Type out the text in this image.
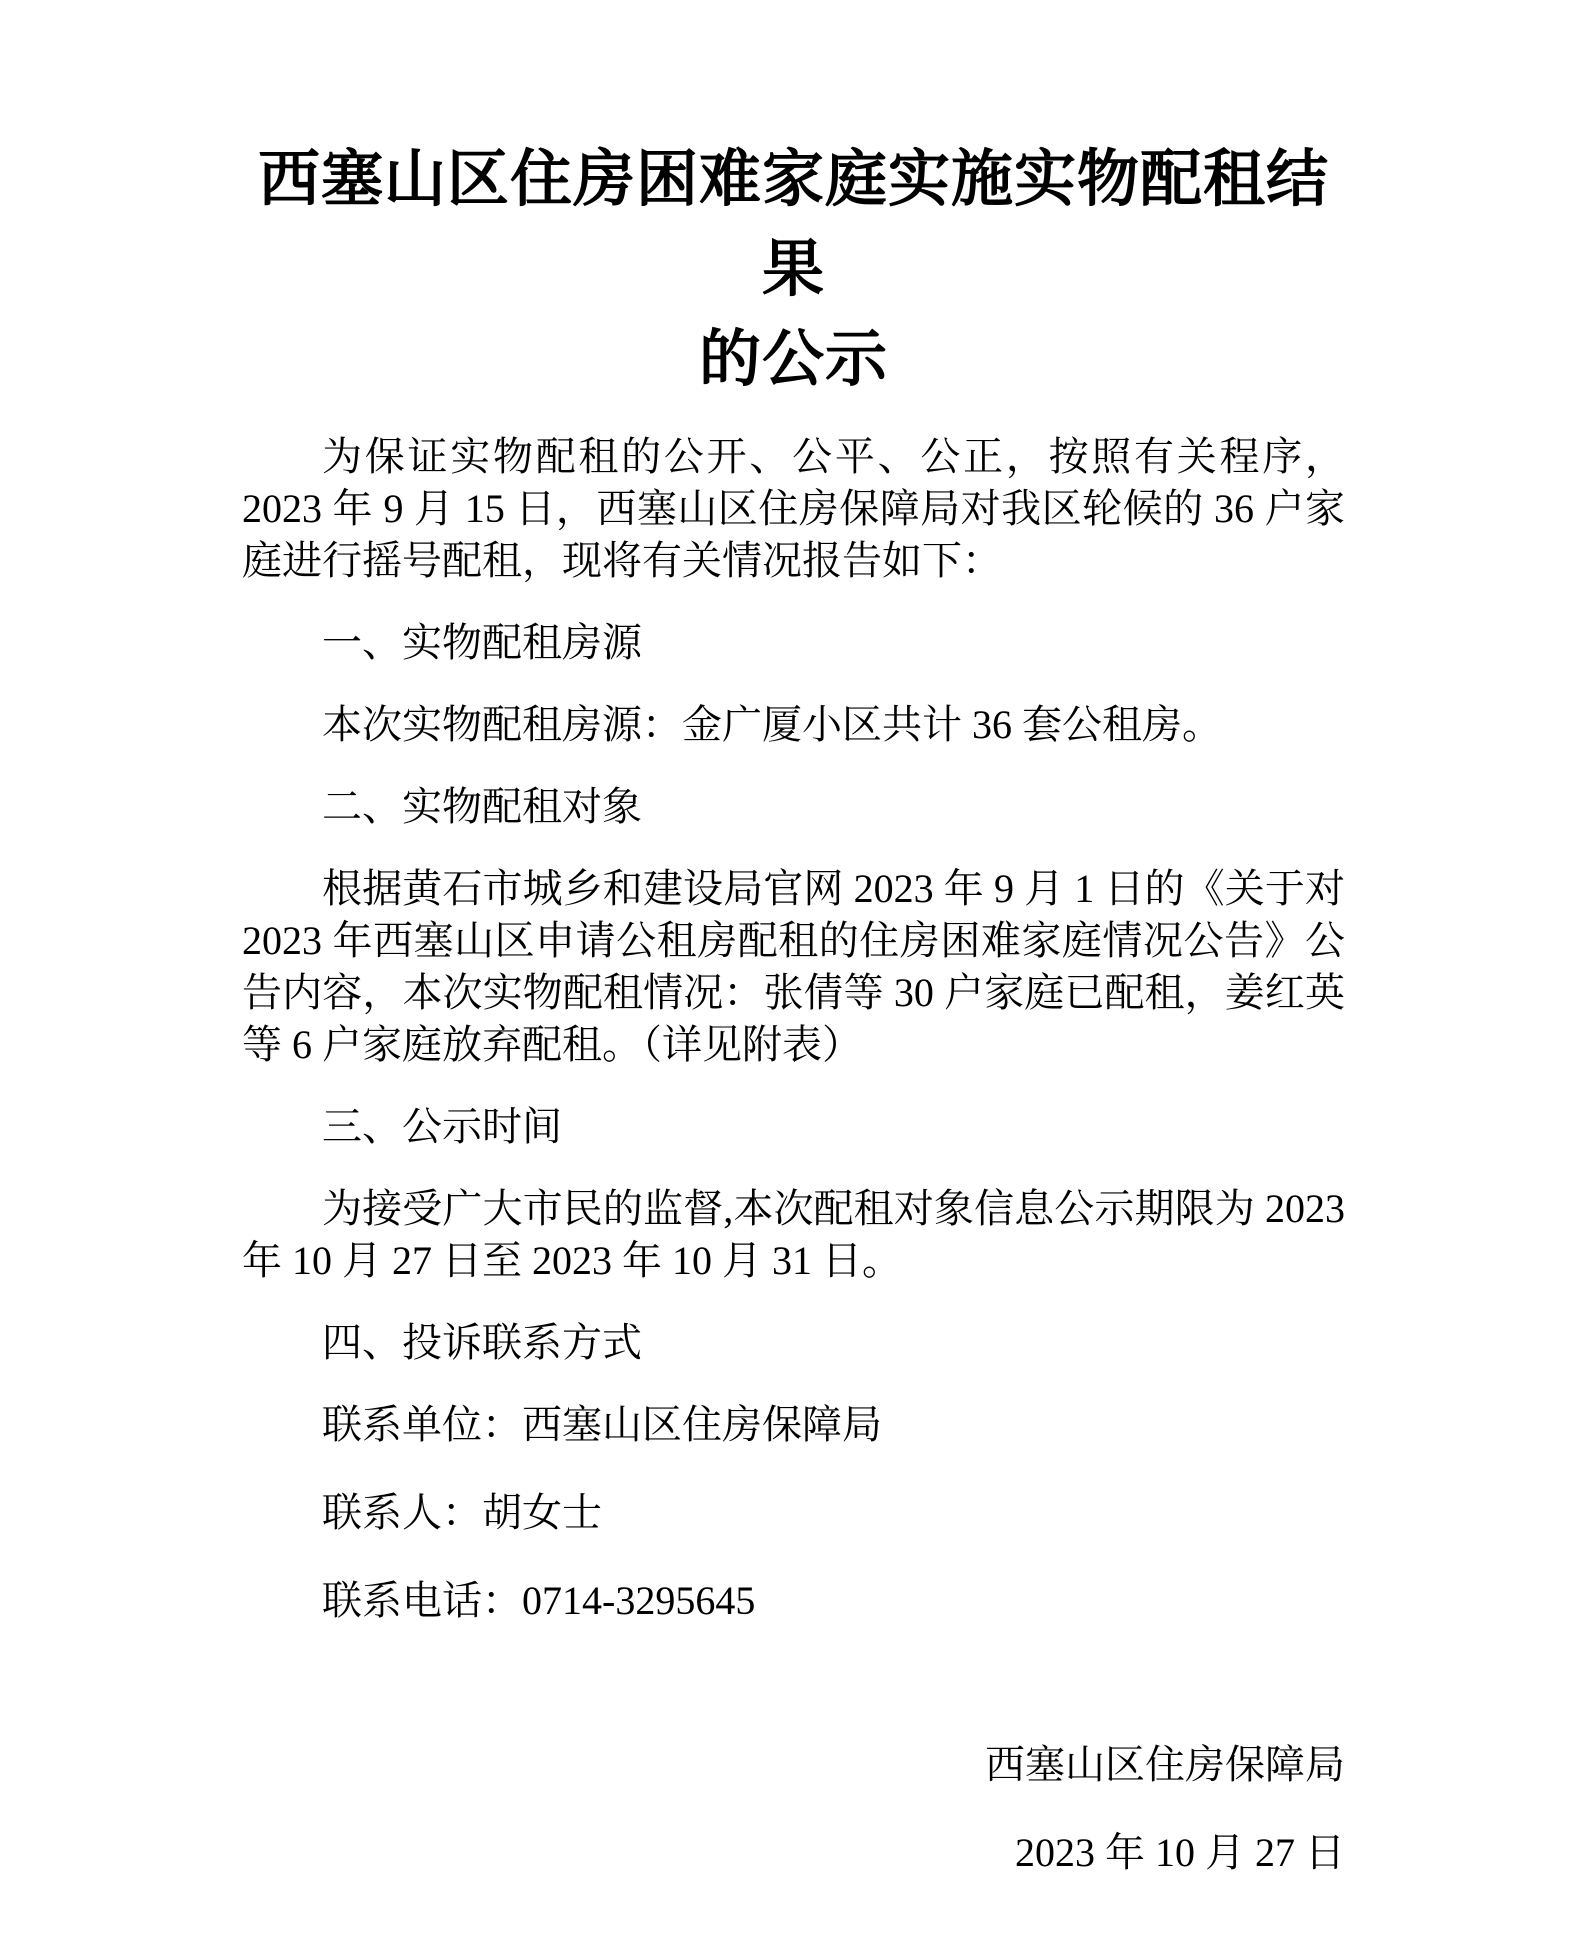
西塞山区住房困难家庭实施实物配租结果
的公示

为保证实物配租的公开、公平、公正，按照有关程序，2023 年 9 月 15 日，西塞山区住房保障局对我区轮候的 36 户家庭进行摇号配租，现将有关情况报告如下：

一、实物配租房源

本次实物配租房源：金广厦小区共计 36 套公租房。

二、实物配租对象

根据黄石市城乡和建设局官网 2023 年 9 月 1 日的《关于对 2023 年西塞山区申请公租房配租的住房困难家庭情况公告》公告内容，本次实物配租情况：张倩等 30 户家庭已配租，姜红英等 6 户家庭放弃配租。（详见附表）

三、公示时间

为接受广大市民的监督,本次配租对象信息公示期限为 2023 年 10 月 27 日至 2023 年 10 月 31 日。

四、投诉联系方式

联系单位：西塞山区住房保障局

联系人：胡女士

联系电话：0714-3295645

西塞山区住房保障局

2023 年 10 月 27 日
